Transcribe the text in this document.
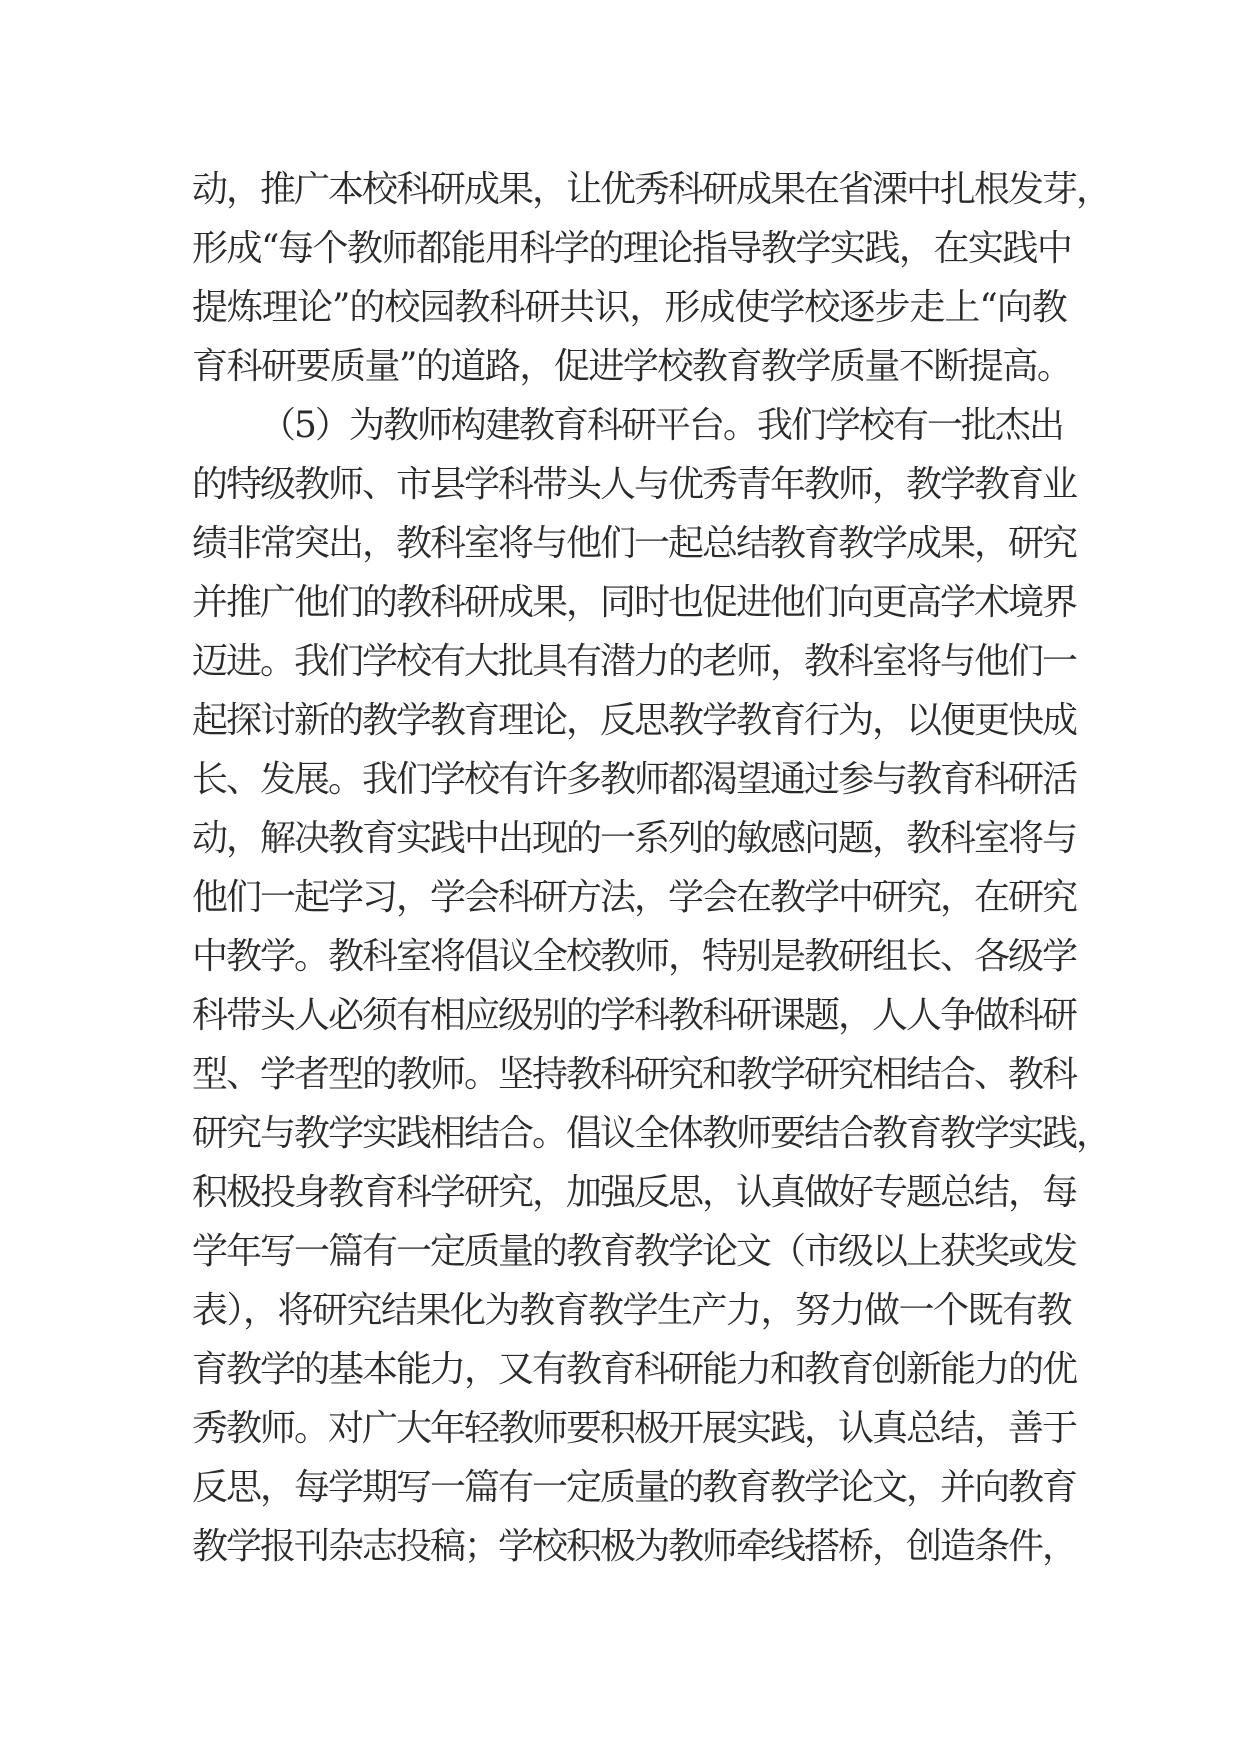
动，推广本校科研成果，让优秀科研成果在省溧中扎根发芽，
形成“每个教师都能用科学的理论指导教学实践，在实践中
提炼理论”的校园教科研共识，形成使学校逐步走上“向教
育科研要质量”的道路，促进学校教育教学质量不断提高。
（5）为教师构建教育科研平台。我们学校有一批杰出
的特级教师、市县学科带头人与优秀青年教师，教学教育业
绩非常突出，教科室将与他们一起总结教育教学成果，研究
并推广他们的教科研成果，同时也促进他们向更高学术境界
迈进。我们学校有大批具有潜力的老师，教科室将与他们一
起探讨新的教学教育理论，反思教学教育行为，以便更快成
长、发展。我们学校有许多教师都渴望通过参与教育科研活
动，解决教育实践中出现的一系列的敏感问题，教科室将与
他们一起学习，学会科研方法，学会在教学中研究，在研究
中教学。教科室将倡议全校教师，特别是教研组长、各级学
科带头人必须有相应级别的学科教科研课题，人人争做科研
型、学者型的教师。坚持教科研究和教学研究相结合、教科
研究与教学实践相结合。倡议全体教师要结合教育教学实践，
积极投身教育科学研究，加强反思，认真做好专题总结，每
学年写一篇有一定质量的教育教学论文（市级以上获奖或发
表），将研究结果化为教育教学生产力，努力做一个既有教
育教学的基本能力，又有教育科研能力和教育创新能力的优
秀教师。对广大年轻教师要积极开展实践，认真总结，善于
反思，每学期写一篇有一定质量的教育教学论文，并向教育
教学报刊杂志投稿；学校积极为教师牵线搭桥，创造条件，
